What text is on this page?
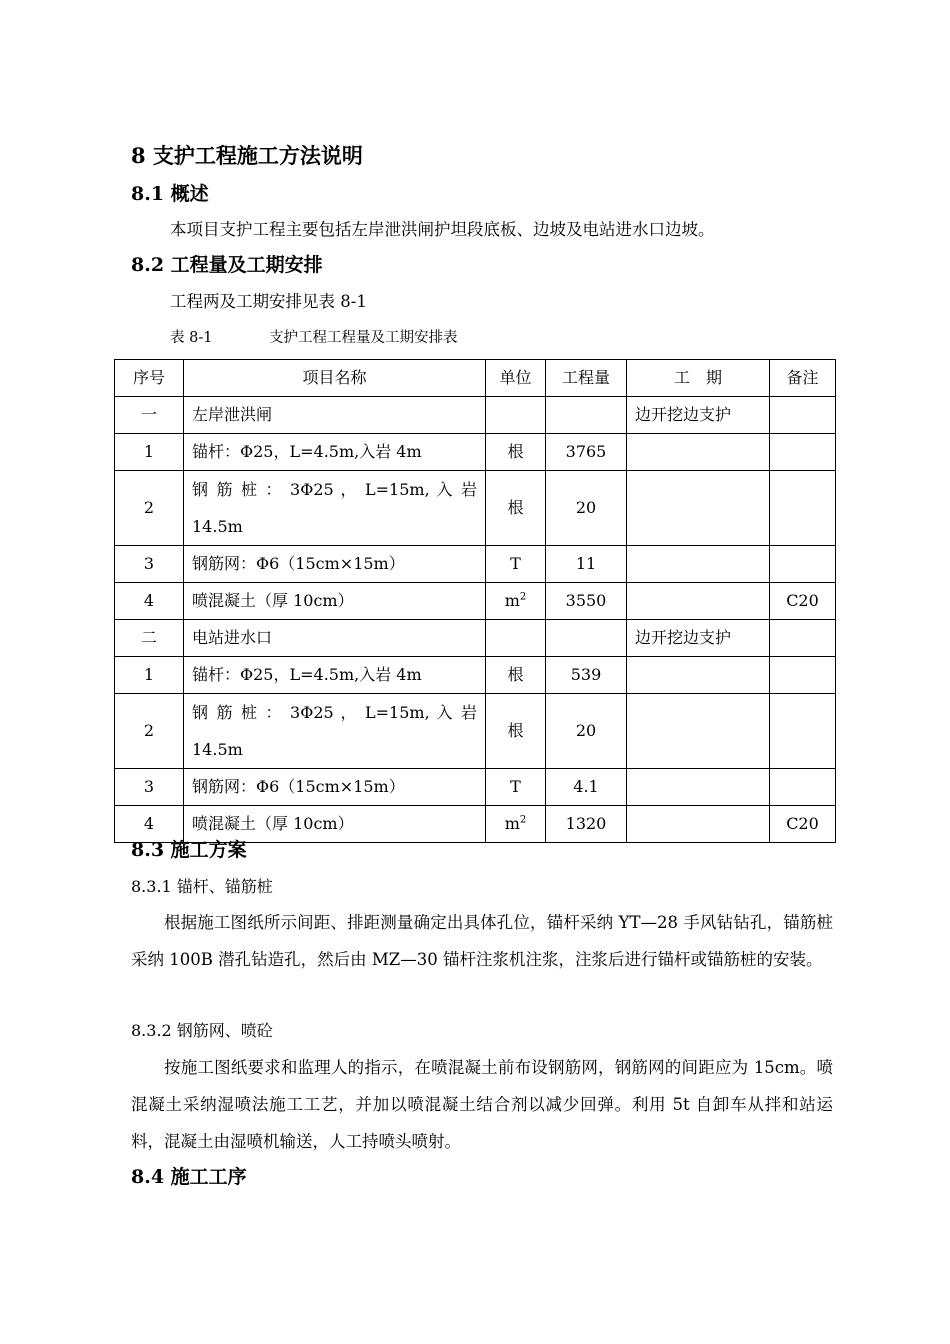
8 支护工程施工方法说明
8.1 概述
本项目支护工程主要包括左岸泄洪闸护坦段底板、边坡及电站进水口边坡。
8.2 工程量及工期安排
工程两及工期安排见表 8-1
表 8-1	支护工程工程量及工期安排表
序号	项目名称	单位	工程量	工　期	备注
一	左岸泄洪闸			边开挖边支护	
1	锚杆：Φ25，L=4.5m,入岩 4m	根	3765		
2	钢 筋 桩 ： 3Φ25 ， L=15m, 入 岩 14.5m	根	20		
3	钢筋网：Φ6（15cm×15m）	T	11		
4	喷混凝土（厚 10cm）	$m^2$	3550		C20
二	电站进水口			边开挖边支护	
1	锚杆：Φ25，L=4.5m,入岩 4m	根	539		
2	钢 筋 桩 ： 3Φ25 ， L=15m, 入 岩 14.5m	根	20		
3	钢筋网：Φ6（15cm×15m）	T	4.1		
4	喷混凝土（厚 10cm）	$m^2$	1320		C20
8.3 施工方案
8.3.1 锚杆、锚筋桩
根据施工图纸所示间距、排距测量确定出具体孔位，锚杆采纳 YT—28 手风钻钻孔，锚筋桩采纳 100B 潜孔钻造孔，然后由 MZ—30 锚杆注浆机注浆，注浆后进行锚杆或锚筋桩的安装。
8.3.2 钢筋网、喷砼
按施工图纸要求和监理人的指示，在喷混凝土前布设钢筋网，钢筋网的间距应为 15cm。喷混凝土采纳湿喷法施工工艺，并加以喷混凝土结合剂以减少回弹。利用 5t 自卸车从拌和站运料，混凝土由湿喷机输送，人工持喷头喷射。
8.4 施工工序
